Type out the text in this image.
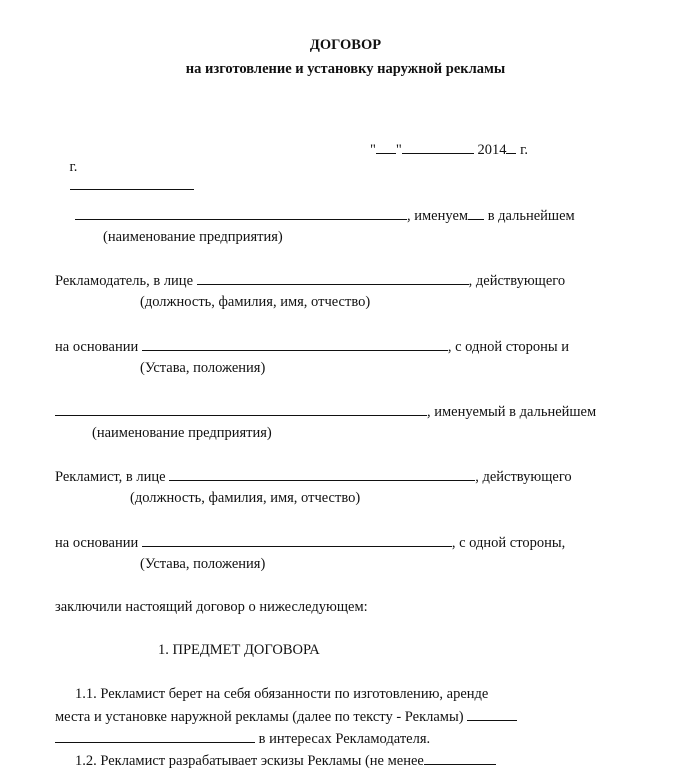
ДОГОВОР
на изготовление и установку наружной рекламы

г.

" "	2014 г.
, именуем в дальнейшем
(наименование предприятия)
Рекламодатель, в лице	, действующего
(должность, фамилия, имя, отчество)
на основании	, с одной стороны и
(Устава, положения)
, именуемый в дальнейшем
(наименование предприятия)
Рекламист, в лице	, действующего
(должность, фамилия, имя, отчество)
на основании	, с одной стороны,
(Устава, положения)
заключили настоящий договор о нижеследующем:
1. ПРЕДМЕТ ДОГОВОРА
1.1. Рекламист берет на себя обязанности по изготовлению, аренде
места и установке наружной рекламы (далее по тексту - Рекламы)
в интересах Рекламодателя.
1.2. Рекламист разрабатывает эскизы Рекламы (не менее
